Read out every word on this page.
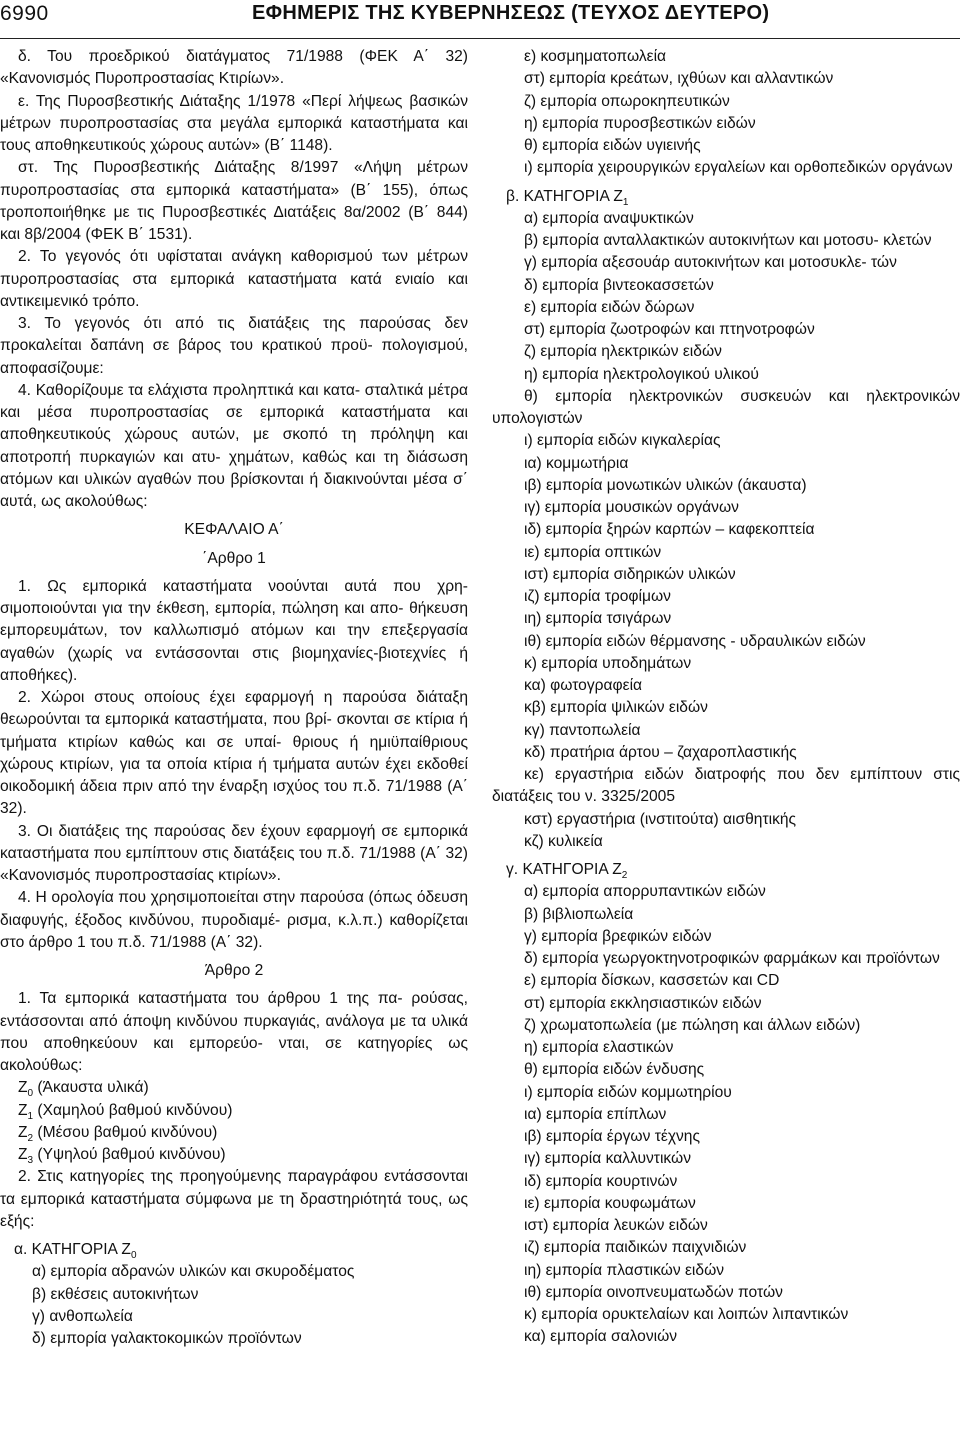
6990	ΕΦΗΜΕΡΙΣ ΤΗΣ ΚΥΒΕΡΝΗΣΕΩΣ (ΤΕΥΧΟΣ ΔΕΥΤΕΡΟ)

δ. Του προεδρικού διατάγματος 71/1988 (ΦΕΚ Α΄ 32) «Κανονισμός Πυροπροστασίας Κτιρίων».

ε. Της Πυροσβεστικής Διάταξης 1/1978 «Περί λήψεως βασικών μέτρων πυροπροστασίας στα μεγάλα εμπορικά καταστήματα και τους αποθηκευτικούς χώρους αυτών» (Β΄ 1148).

στ. Της Πυροσβεστικής Διάταξης 8/1997 «Λήψη μέτρων πυροπροστασίας στα εμπορικά καταστήματα» (Β΄ 155), όπως τροποποιήθηκε με τις Πυροσβεστικές Διατάξεις 8α/2002 (Β΄ 844) και 8β/2004 (ΦΕΚ Β΄ 1531).

2. Το γεγονός ότι υφίσταται ανάγκη καθορισμού των μέτρων πυροπροστασίας στα εμπορικά καταστήματα κατά ενιαίο και αντικειμενικό τρόπο.

3. Το γεγονός ότι από τις διατάξεις της παρούσας δεν προκαλείται δαπάνη σε βάρος του κρατικού προϋ- πολογισμού, αποφασίζουμε:

4. Καθορίζουμε τα ελάχιστα προληπτικά και κατα- σταλτικά μέτρα και μέσα πυροπροστασίας σε εμπορικά καταστήματα και αποθηκευτικούς χώρους αυτών, με σκοπό τη πρόληψη και αποτροπή πυρκαγιών και ατυ- χημάτων, καθώς και τη διάσωση ατόμων και υλικών αγαθών που βρίσκονται ή διακινούνται μέσα σ΄ αυτά, ως ακολούθως:

ΚΕΦΑΛΑΙΟ Α΄

΄Αρθρο 1

1. Ως εμπορικά καταστήματα νοούνται αυτά που χρη- σιμοποιούνται για την έκθεση, εμπορία, πώληση και απο- θήκευση εμπορευμάτων, τον καλλωπισμό ατόμων και την επεξεργασία αγαθών (χωρίς να εντάσσονται στις βιομηχανίες-βιοτεχνίες ή αποθήκες).

2. Χώροι στους οποίους έχει εφαρμογή η παρούσα διάταξη θεωρούνται τα εμπορικά καταστήματα, που βρί- σκονται σε κτίρια ή τμήματα κτιρίων καθώς και σε υπαί- θριους ή ημιϋπαίθριους χώρους κτιρίων, για τα οποία κτίρια ή τμήματα αυτών έχει εκδοθεί οικοδομική άδεια πριν από την έναρξη ισχύος του π.δ. 71/1988 (Α΄ 32).

3. Οι διατάξεις της παρούσας δεν έχουν εφαρμογή σε εμπορικά καταστήματα που εμπίπτουν στις διατάξεις του π.δ. 71/1988 (Α΄ 32) «Κανονισμός πυροπροστασίας κτιρίων».

4. Η ορολογία που χρησιμοποιείται στην παρούσα (όπως όδευση διαφυγής, έξοδος κινδύνου, πυροδιαμέ- ρισμα, κ.λ.π.) καθορίζεται στο άρθρο 1 του π.δ. 71/1988 (Α΄ 32).

Άρθρο 2

1. Τα εμπορικά καταστήματα του άρθρου 1 της πα- ρούσας, εντάσσονται από άποψη κινδύνου πυρκαγιάς, ανάλογα με τα υλικά που αποθηκεύουν και εμπορεύο- νται, σε κατηγορίες ως ακολούθως:

$Z_0$ (Άκαυστα υλικά)

$Z_1$ (Χαμηλού βαθμού κινδύνου)

$Z_2$ (Μέσου βαθμού κινδύνου)

$Z_3$ (Υψηλού βαθμού κινδύνου)

2. Στις κατηγορίες της προηγούμενης παραγράφου εντάσσονται τα εμπορικά καταστήματα σύμφωνα με τη δραστηριότητά τους, ως εξής:

α. ΚΑΤΗΓΟΡΙΑ $Z_0$

α) εμπορία αδρανών υλικών και σκυροδέματος

β) εκθέσεις αυτοκινήτων

γ) ανθοπωλεία

δ) εμπορία γαλακτοκομικών προϊόντων

ε) κοσμηματοπωλεία

στ) εμπορία κρεάτων, ιχθύων και αλλαντικών

ζ) εμπορία οπωροκηπευτικών

η) εμπορία πυροσβεστικών ειδών

θ) εμπορία ειδών υγιεινής

ι) εμπορία χειρουργικών εργαλείων και ορθοπεδικών οργάνων

β. ΚΑΤΗΓΟΡΙΑ $Z_1$

α) εμπορία αναψυκτικών

β) εμπορία ανταλλακτικών αυτοκινήτων και μοτοσυ- κλετών

γ) εμπορία αξεσουάρ αυτοκινήτων και μοτοσυκλε- τών

δ) εμπορία βιντεοκασσετών

ε) εμπορία ειδών δώρων

στ) εμπορία ζωοτροφών και πτηνοτροφών

ζ) εμπορία ηλεκτρικών ειδών

η) εμπορία ηλεκτρολογικού υλικού

θ) εμπορία ηλεκτρονικών συσκευών και ηλεκτρονικών υπολογιστών

ι) εμπορία ειδών κιγκαλερίας

ια) κομμωτήρια

ιβ) εμπορία μονωτικών υλικών (άκαυστα)

ιγ) εμπορία μουσικών οργάνων

ιδ) εμπορία ξηρών καρπών – καφεκοπτεία

ιε) εμπορία οπτικών

ιστ) εμπορία σιδηρικών υλικών

ιζ) εμπορία τροφίμων

ιη) εμπορία τσιγάρων

ιθ) εμπορία ειδών θέρμανσης - υδραυλικών ειδών

κ) εμπορία υποδημάτων

κα) φωτογραφεία

κβ) εμπορία ψιλικών ειδών

κγ) παντοπωλεία

κδ) πρατήρια άρτου – ζαχαροπλαστικής

κε) εργαστήρια ειδών διατροφής που δεν εμπίπτουν στις διατάξεις του ν. 3325/2005

κστ) εργαστήρια (ινστιτούτα) αισθητικής

κζ) κυλικεία

γ. ΚΑΤΗΓΟΡΙΑ $Z_2$

α) εμπορία απορρυπαντικών ειδών

β) βιβλιοπωλεία

γ) εμπορία βρεφικών ειδών

δ) εμπορία γεωργοκτηνοτροφικών φαρμάκων και προϊόντων

ε) εμπορία δίσκων, κασσετών και CD

στ) εμπορία εκκλησιαστικών ειδών

ζ) χρωματοπωλεία (με πώληση και άλλων ειδών)

η) εμπορία ελαστικών

θ) εμπορία ειδών ένδυσης

ι) εμπορία ειδών κομμωτηρίου

ια) εμπορία επίπλων

ιβ) εμπορία έργων τέχνης

ιγ) εμπορία καλλυντικών

ιδ) εμπορία κουρτινών

ιε) εμπορία κουφωμάτων

ιστ) εμπορία λευκών ειδών

ιζ) εμπορία παιδικών παιχνιδιών

ιη) εμπορία πλαστικών ειδών

ιθ) εμπορία οινοπνευματωδών ποτών

κ) εμπορία ορυκτελαίων και λοιπών λιπαντικών

κα) εμπορία σαλονιών
